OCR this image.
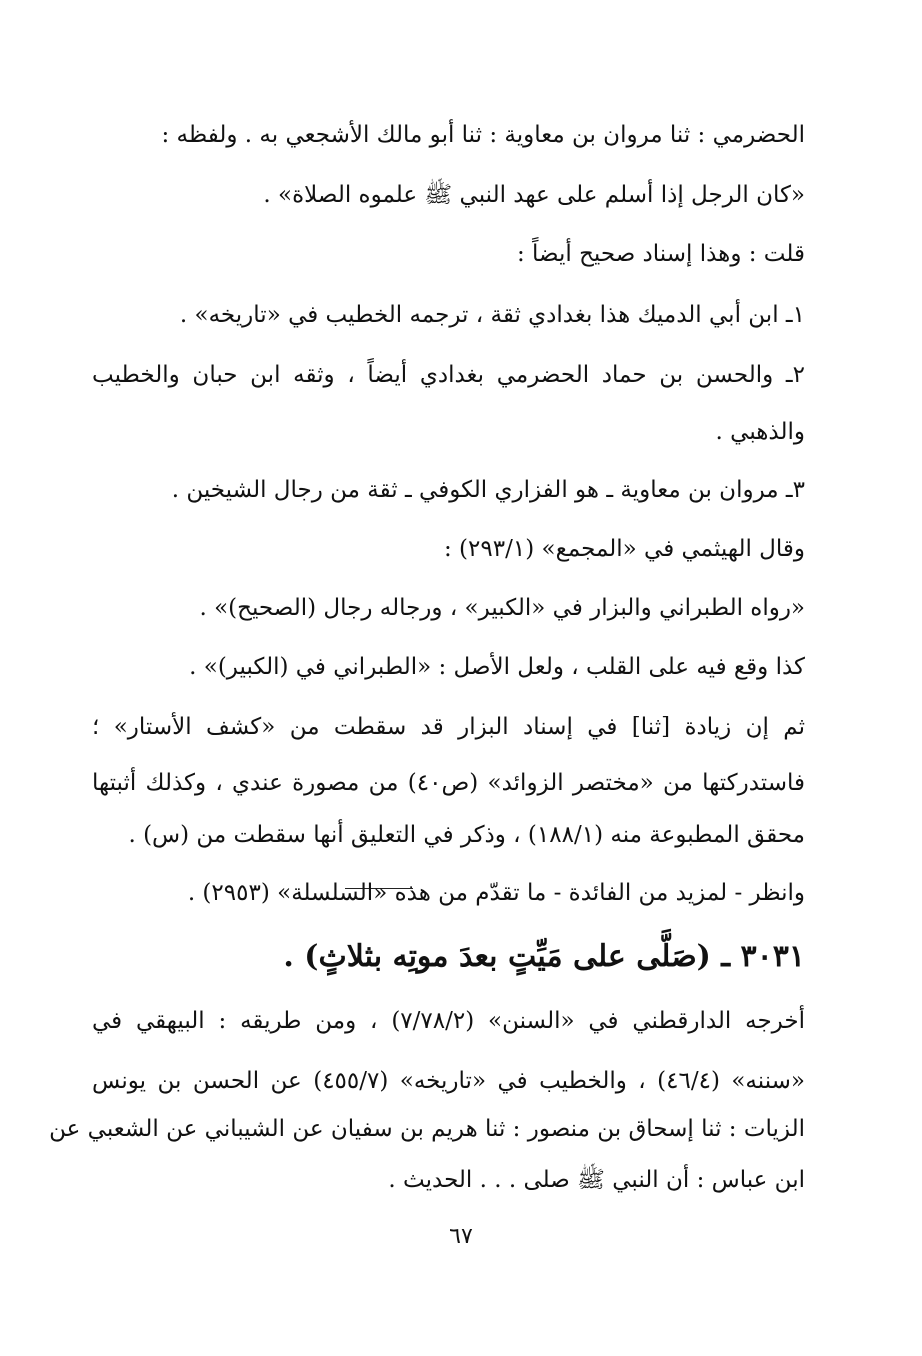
الحضرمي : ثنا مروان بن معاوية : ثنا أبو مالك الأشجعي به . ولفظه :
«كان الرجل إذا أسلم على عهد النبي ﷺ علموه الصلاة» .
قلت : وهذا إسناد صحيح أيضاً :
١ـ ابن أبي الدميك هذا بغدادي ثقة ، ترجمه الخطيب في «تاريخه» .
٢ـ والحسن بن حماد الحضرمي بغدادي أيضاً ، وثقه ابن حبان والخطيب
والذهبي .
٣ـ مروان بن معاوية ـ هو الفزاري الكوفي ـ ثقة من رجال الشيخين .
وقال الهيثمي في «المجمع» (٢٩٣/١) :
«رواه الطبراني والبزار في «الكبير» ، ورجاله رجال (الصحيح)» .
كذا وقع فيه على القلب ، ولعل الأصل : «الطبراني في (الكبير)» .
ثم إن زيادة [ثنا] في إسناد البزار قد سقطت من «كشف الأستار» ؛
فاستدركتها من «مختصر الزوائد» (ص٤٠) من مصورة عندي ، وكذلك أثبتها
محقق المطبوعة منه (١٨٨/١) ، وذكر في التعليق أنها سقطت من (س) .
وانظر - لمزيد من الفائدة - ما تقدّم من هذه «السلسلة» (٢٩٥٣) .
٣٠٣١ ـ (صَلَّى على مَيِّتٍ بعدَ موتِه بثلاثٍ) .
أخرجه الدارقطني في «السنن» (٧/٧٨/٢) ، ومن طريقه : البيهقي في
«سننه» (٤٦/٤) ، والخطيب في «تاريخه» (٤٥٥/٧) عن الحسن بن يونس
الزيات : ثنا إسحاق بن منصور : ثنا هريم بن سفيان عن الشيباني عن الشعبي عن
ابن عباس : أن النبي ﷺ صلى . . . الحديث .
٦٧
